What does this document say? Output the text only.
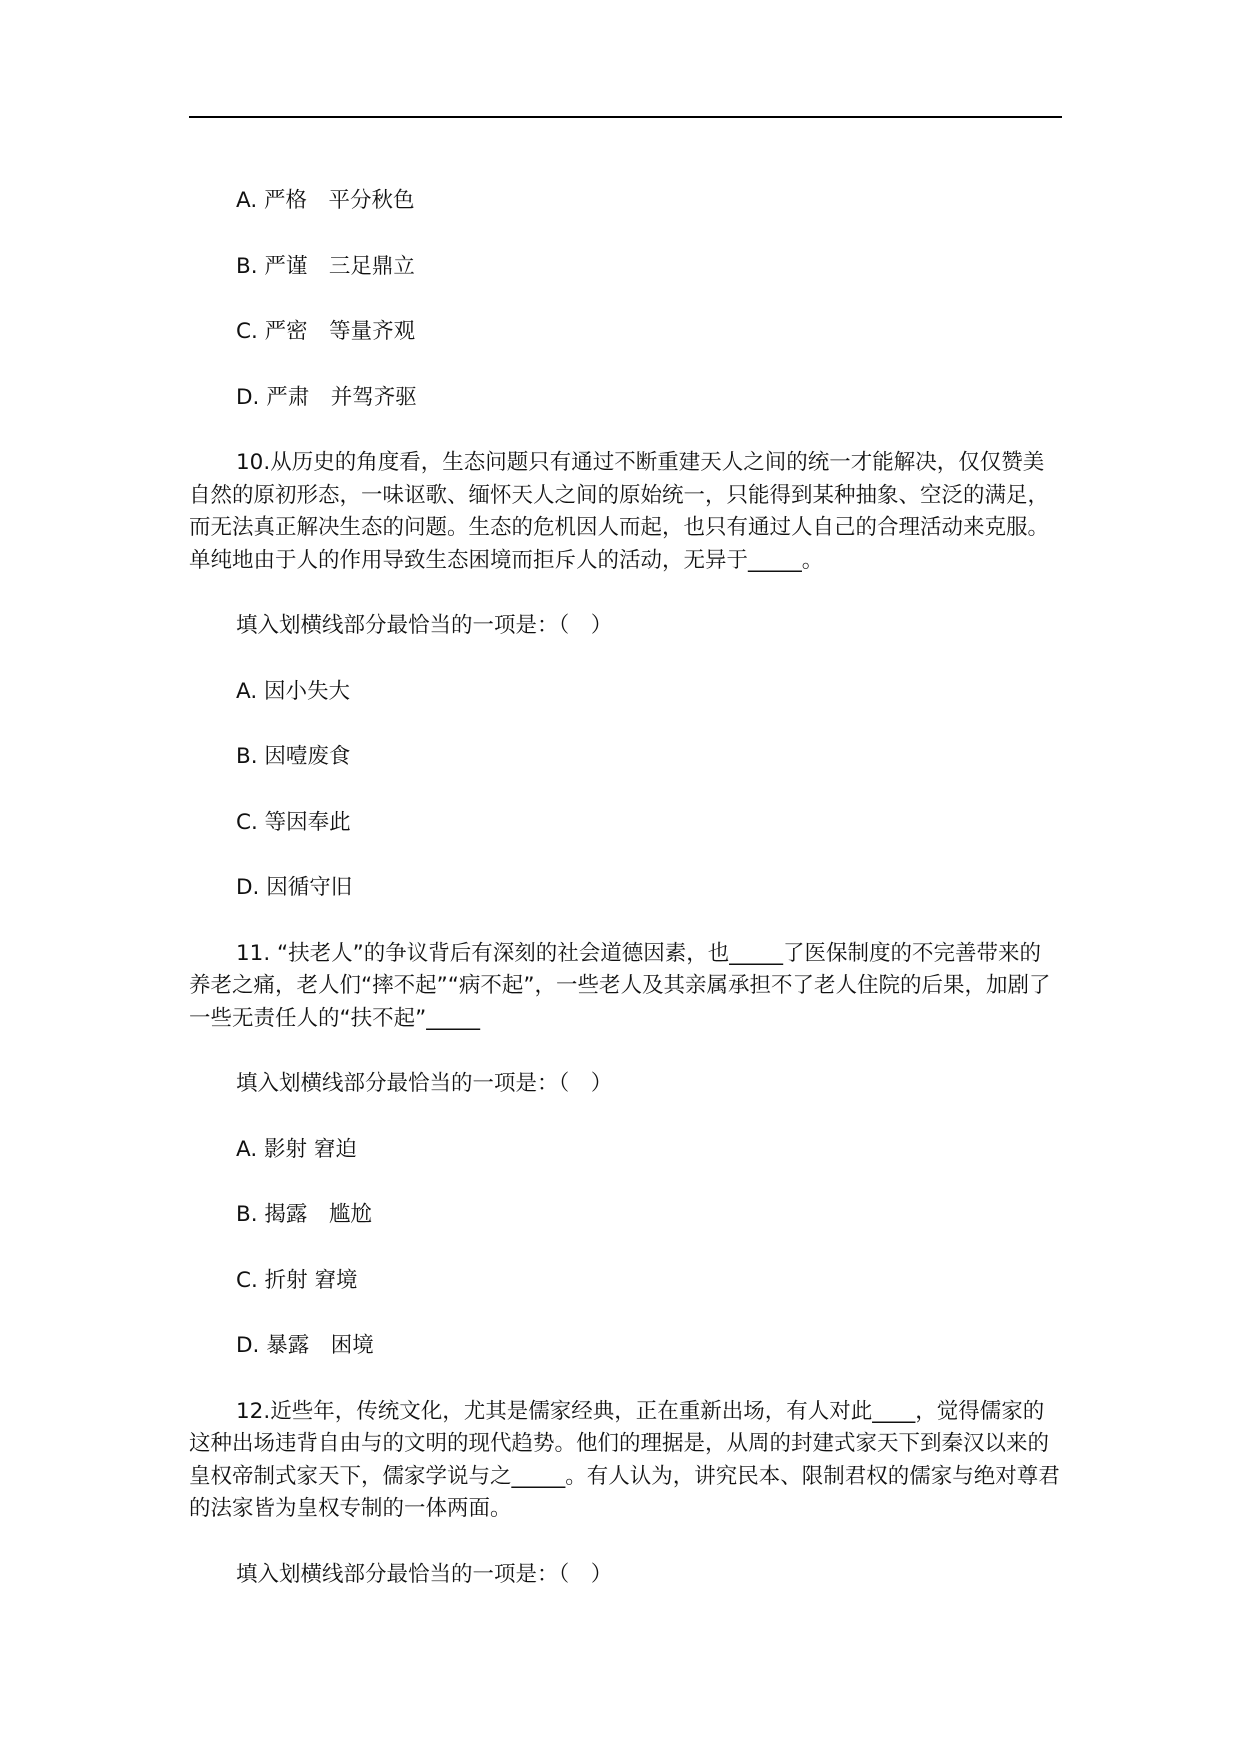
A. 严格　平分秋色

B. 严谨　三足鼎立

C. 严密　等量齐观

D. 严肃　并驾齐驱

10.从历史的角度看，生态问题只有通过不断重建天人之间的统一才能解决，仅仅赞美自然的原初形态，一味讴歌、缅怀天人之间的原始统一，只能得到某种抽象、空泛的满足，而无法真正解决生态的问题。生态的危机因人而起，也只有通过人自己的合理活动来克服。单纯地由于人的作用导致生态困境而拒斥人的活动，无异于_____。

填入划横线部分最恰当的一项是：（　）

A. 因小失大

B. 因噎废食

C. 等因奉此

D. 因循守旧

11. “扶老人”的争议背后有深刻的社会道德因素，也_____了医保制度的不完善带来的养老之痛，老人们“摔不起”“病不起”，一些老人及其亲属承担不了老人住院的后果，加剧了一些无责任人的“扶不起”_____

填入划横线部分最恰当的一项是：（　）

A. 影射 窘迫

B. 揭露　尴尬

C. 折射 窘境

D. 暴露　困境

12.近些年，传统文化，尤其是儒家经典，正在重新出场，有人对此____，觉得儒家的这种出场违背自由与的文明的现代趋势。他们的理据是，从周的封建式家天下到秦汉以来的皇权帝制式家天下，儒家学说与之_____。有人认为，讲究民本、限制君权的儒家与绝对尊君的法家皆为皇权专制的一体两面。

填入划横线部分最恰当的一项是：（　）
